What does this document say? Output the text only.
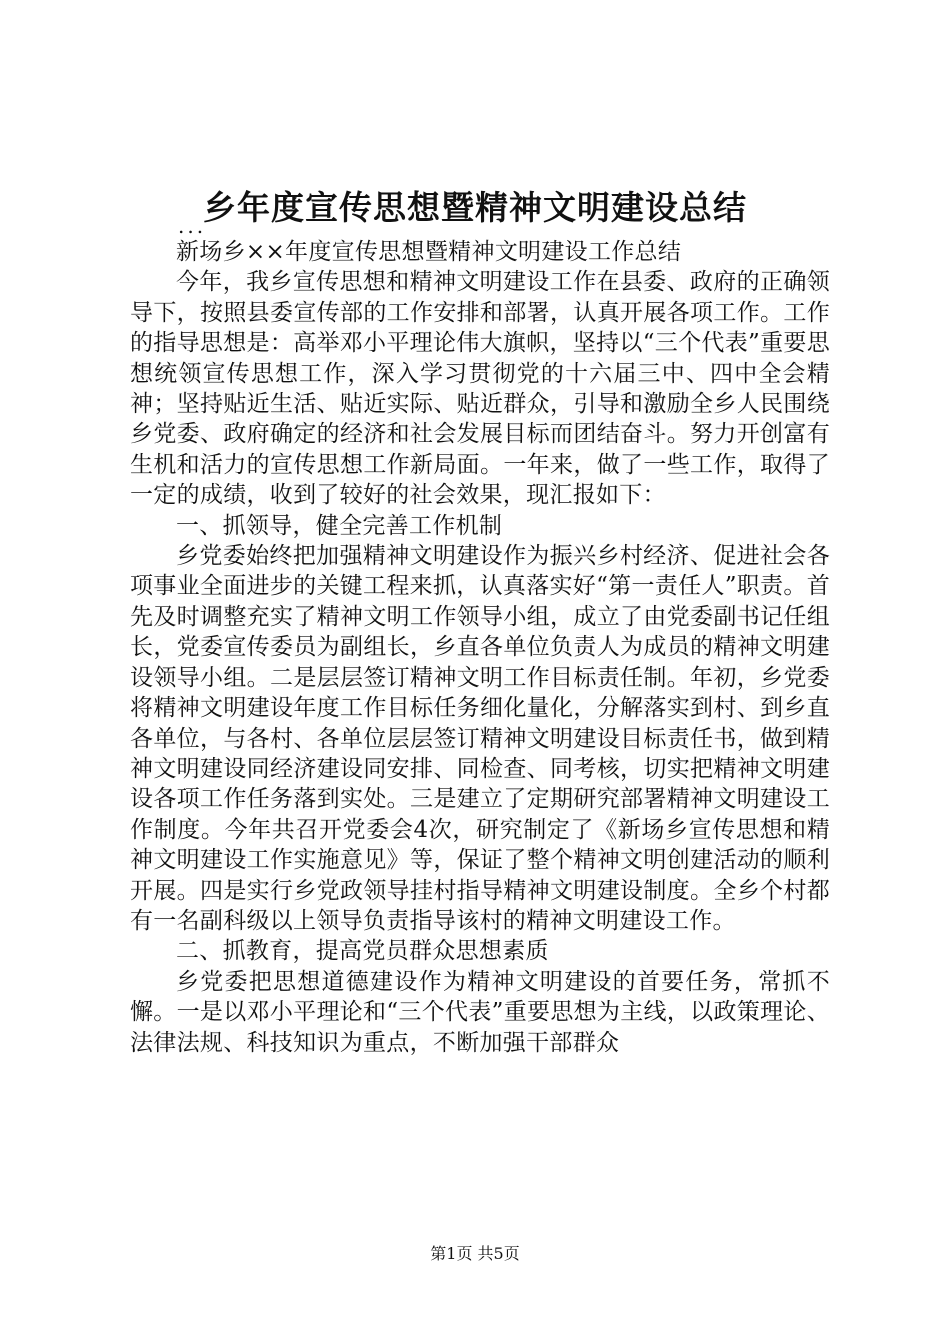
乡年度宣传思想暨精神文明建设总结
...

新场乡××年度宣传思想暨精神文明建设工作总结

今年，我乡宣传思想和精神文明建设工作在县委、政府的正确领导下，按照县委宣传部的工作安排和部署，认真开展各项工作。工作的指导思想是：高举邓小平理论伟大旗帜，坚持以“三个代表”重要思想统领宣传思想工作，深入学习贯彻党的十六届三中、四中全会精神；坚持贴近生活、贴近实际、贴近群众，引导和激励全乡人民围绕乡党委、政府确定的经济和社会发展目标而团结奋斗。努力开创富有生机和活力的宣传思想工作新局面。一年来，做了一些工作，取得了一定的成绩，收到了较好的社会效果，现汇报如下：

一、抓领导，健全完善工作机制

乡党委始终把加强精神文明建设作为振兴乡村经济、促进社会各项事业全面进步的关键工程来抓，认真落实好“第一责任人”职责。首先及时调整充实了精神文明工作领导小组，成立了由党委副书记任组长，党委宣传委员为副组长，乡直各单位负责人为成员的精神文明建设领导小组。二是层层签订精神文明工作目标责任制。年初，乡党委将精神文明建设年度工作目标任务细化量化，分解落实到村、到乡直各单位，与各村、各单位层层签订精神文明建设目标责任书，做到精神文明建设同经济建设同安排、同检查、同考核，切实把精神文明建设各项工作任务落到实处。三是建立了定期研究部署精神文明建设工作制度。今年共召开党委会4次，研究制定了《新场乡宣传思想和精神文明建设工作实施意见》等，保证了整个精神文明创建活动的顺利开展。四是实行乡党政领导挂村指导精神文明建设制度。全乡个村都有一名副科级以上领导负责指导该村的精神文明建设工作。

二、抓教育，提高党员群众思想素质

乡党委把思想道德建设作为精神文明建设的首要任务，常抓不懈。一是以邓小平理论和“三个代表”重要思想为主线，以政策理论、法律法规、科技知识为重点，不断加强干部群众

第1页 共5页
